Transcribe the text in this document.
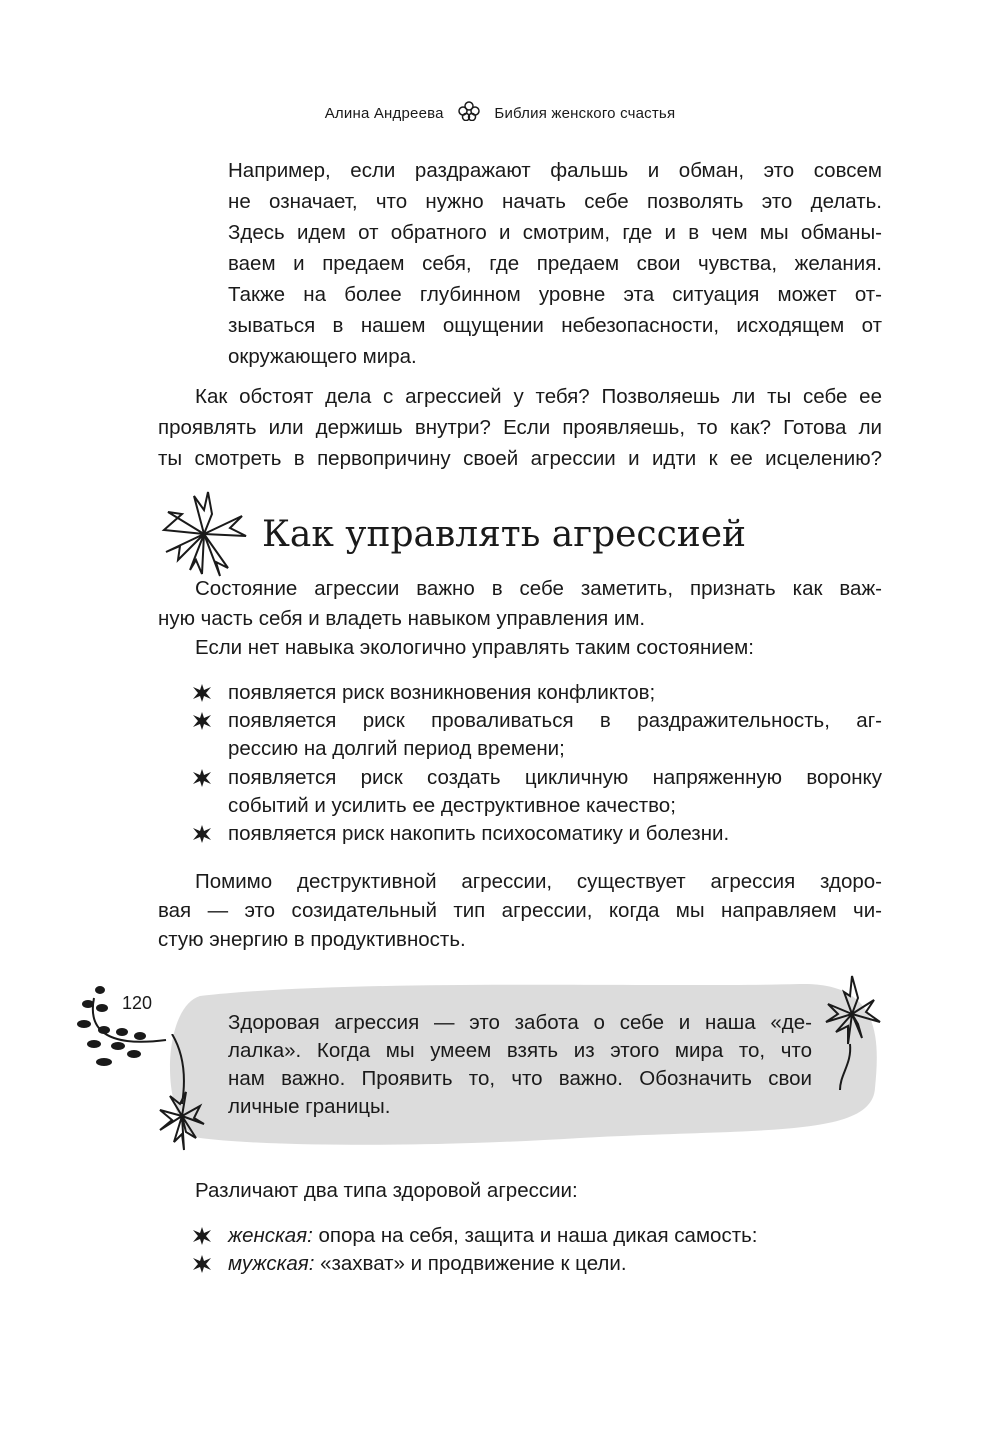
Алина Андреева	Библия женского счастья
Например, если раздражают фальшь и обман, это совсем
не означает, что нужно начать себе позволять это делать.
Здесь идем от обратного и смотрим, где и в чем мы обманы-
ваем и предаем себя, где предаем свои чувства, желания.
Также на более глубинном уровне эта ситуация может от-
зываться в нашем ощущении небезопасности, исходящем от
окружающего мира.
Как обстоят дела с агрессией у тебя? Позволяешь ли ты себе ее
проявлять или держишь внутри? Если проявляешь, то как? Готова ли
ты смотреть в первопричину своей агрессии и идти к ее исцелению?
Состояние агрессии важно в себе заметить, признать как важ-
ную часть себя и владеть навыком управления им.
Если нет навыка экологично управлять таким состоянием:
появляется риск возникновения конфликтов;
появляется риск проваливаться в раздражительность, аг-
рессию на долгий период времени;
появляется риск создать цикличную напряженную воронку
событий и усилить ее деструктивное качество;
появляется риск накопить психосоматику и болезни.
Помимо деструктивной агрессии, существует агрессия здоро-
вая — это созидательный тип агрессии, когда мы направляем чи-
стую энергию в продуктивность.
Здоровая агрессия — это забота о себе и наша «де-
лалка». Когда мы умеем взять из этого мира то, что
нам важно. Проявить то, что важно. Обозначить свои
личные границы.
Различают два типа здоровой агрессии:
женская: опора на себя, защита и наша дикая самость:
мужская: «захват» и продвижение к цели.
Как управлять агрессией
120
